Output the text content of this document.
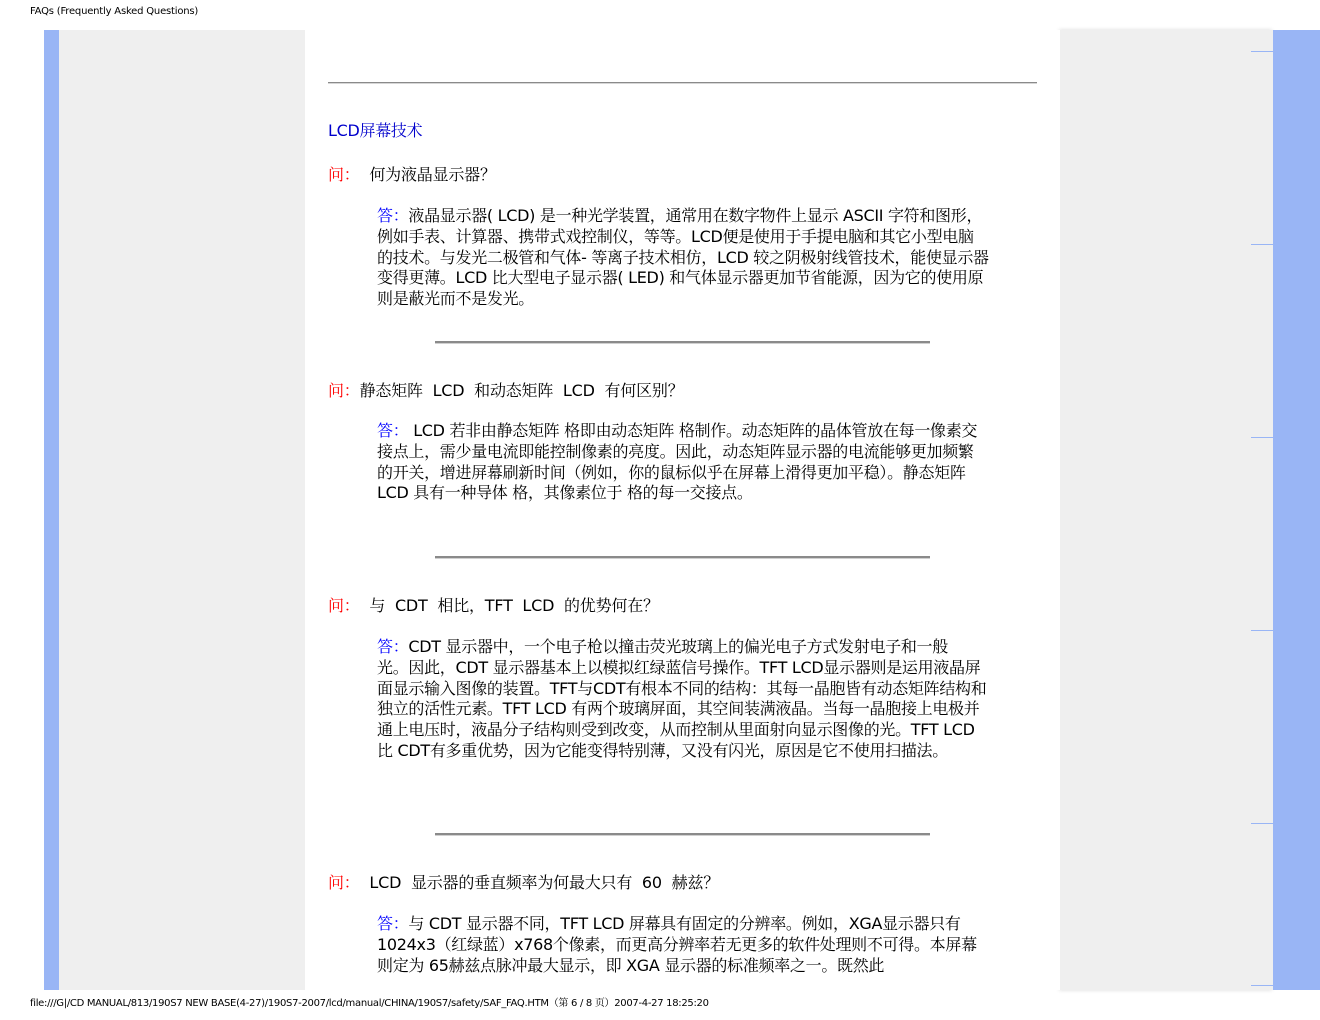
FAQs (Frequently Asked Questions)
LCD屏幕技术
问：  何为液晶显示器？
答：液晶显示器( LCD) 是一种光学装置，通常用在数字物件上显示 ASCII 字符和图形，例如手表、计算器、携带式戏控制仪，等等。LCD便是使用于手提电脑和其它小型电脑的技术。与发光二极管和气体- 等离子技术相仿，LCD 较之阴极射线管技术，能使显示器变得更薄。LCD 比大型电子显示器( LED) 和气体显示器更加节省能源，因为它的使用原则是蔽光而不是发光。
问：静态矩阵  LCD  和动态矩阵  LCD  有何区别？
答： LCD 若非由静态矩阵 格即由动态矩阵 格制作。动态矩阵的晶体管放在每一像素交接点上，需少量电流即能控制像素的亮度。因此，动态矩阵显示器的电流能够更加频繁的开关，增进屏幕刷新时间（例如，你的鼠标似乎在屏幕上滑得更加平稳）。静态矩阵 LCD 具有一种导体 格，其像素位于 格的每一交接点。
问：  与  CDT  相比，TFT  LCD  的优势何在？
答：CDT 显示器中，一个电子枪以撞击荧光玻璃上的偏光电子方式发射电子和一般
光。因此，CDT 显示器基本上以模拟红绿蓝信号操作。TFT LCD显示器则是运用液晶屏面显示输入图像的装置。TFT与CDT有根本不同的结构：其每一晶胞皆有动态矩阵结构和独立的活性元素。TFT LCD 有两个玻璃屏面，其空间装满液晶。当每一晶胞接上电极并通上电压时，液晶分子结构则受到改变，从而控制从里面射向显示图像的光。TFT LCD 比 CDT有多重优势，因为它能变得特别薄，又没有闪光，原因是它不使用扫描法。
问：  LCD  显示器的垂直频率为何最大只有  60  赫兹？
答：与 CDT 显示器不同，TFT LCD 屏幕具有固定的分辨率。例如，XGA显示器只有1024x3（红绿蓝）x768个像素，而更高分辨率若无更多的软件处理则不可得。本屏幕则定为 65赫兹点脉冲最大显示，即 XGA 显示器的标准频率之一。既然此
file:///G|/CD MANUAL/813/190S7 NEW BASE(4-27)/190S7-2007/lcd/manual/CHINA/190S7/safety/SAF_FAQ.HTM（第 6 / 8 页）2007-4-27 18:25:20
